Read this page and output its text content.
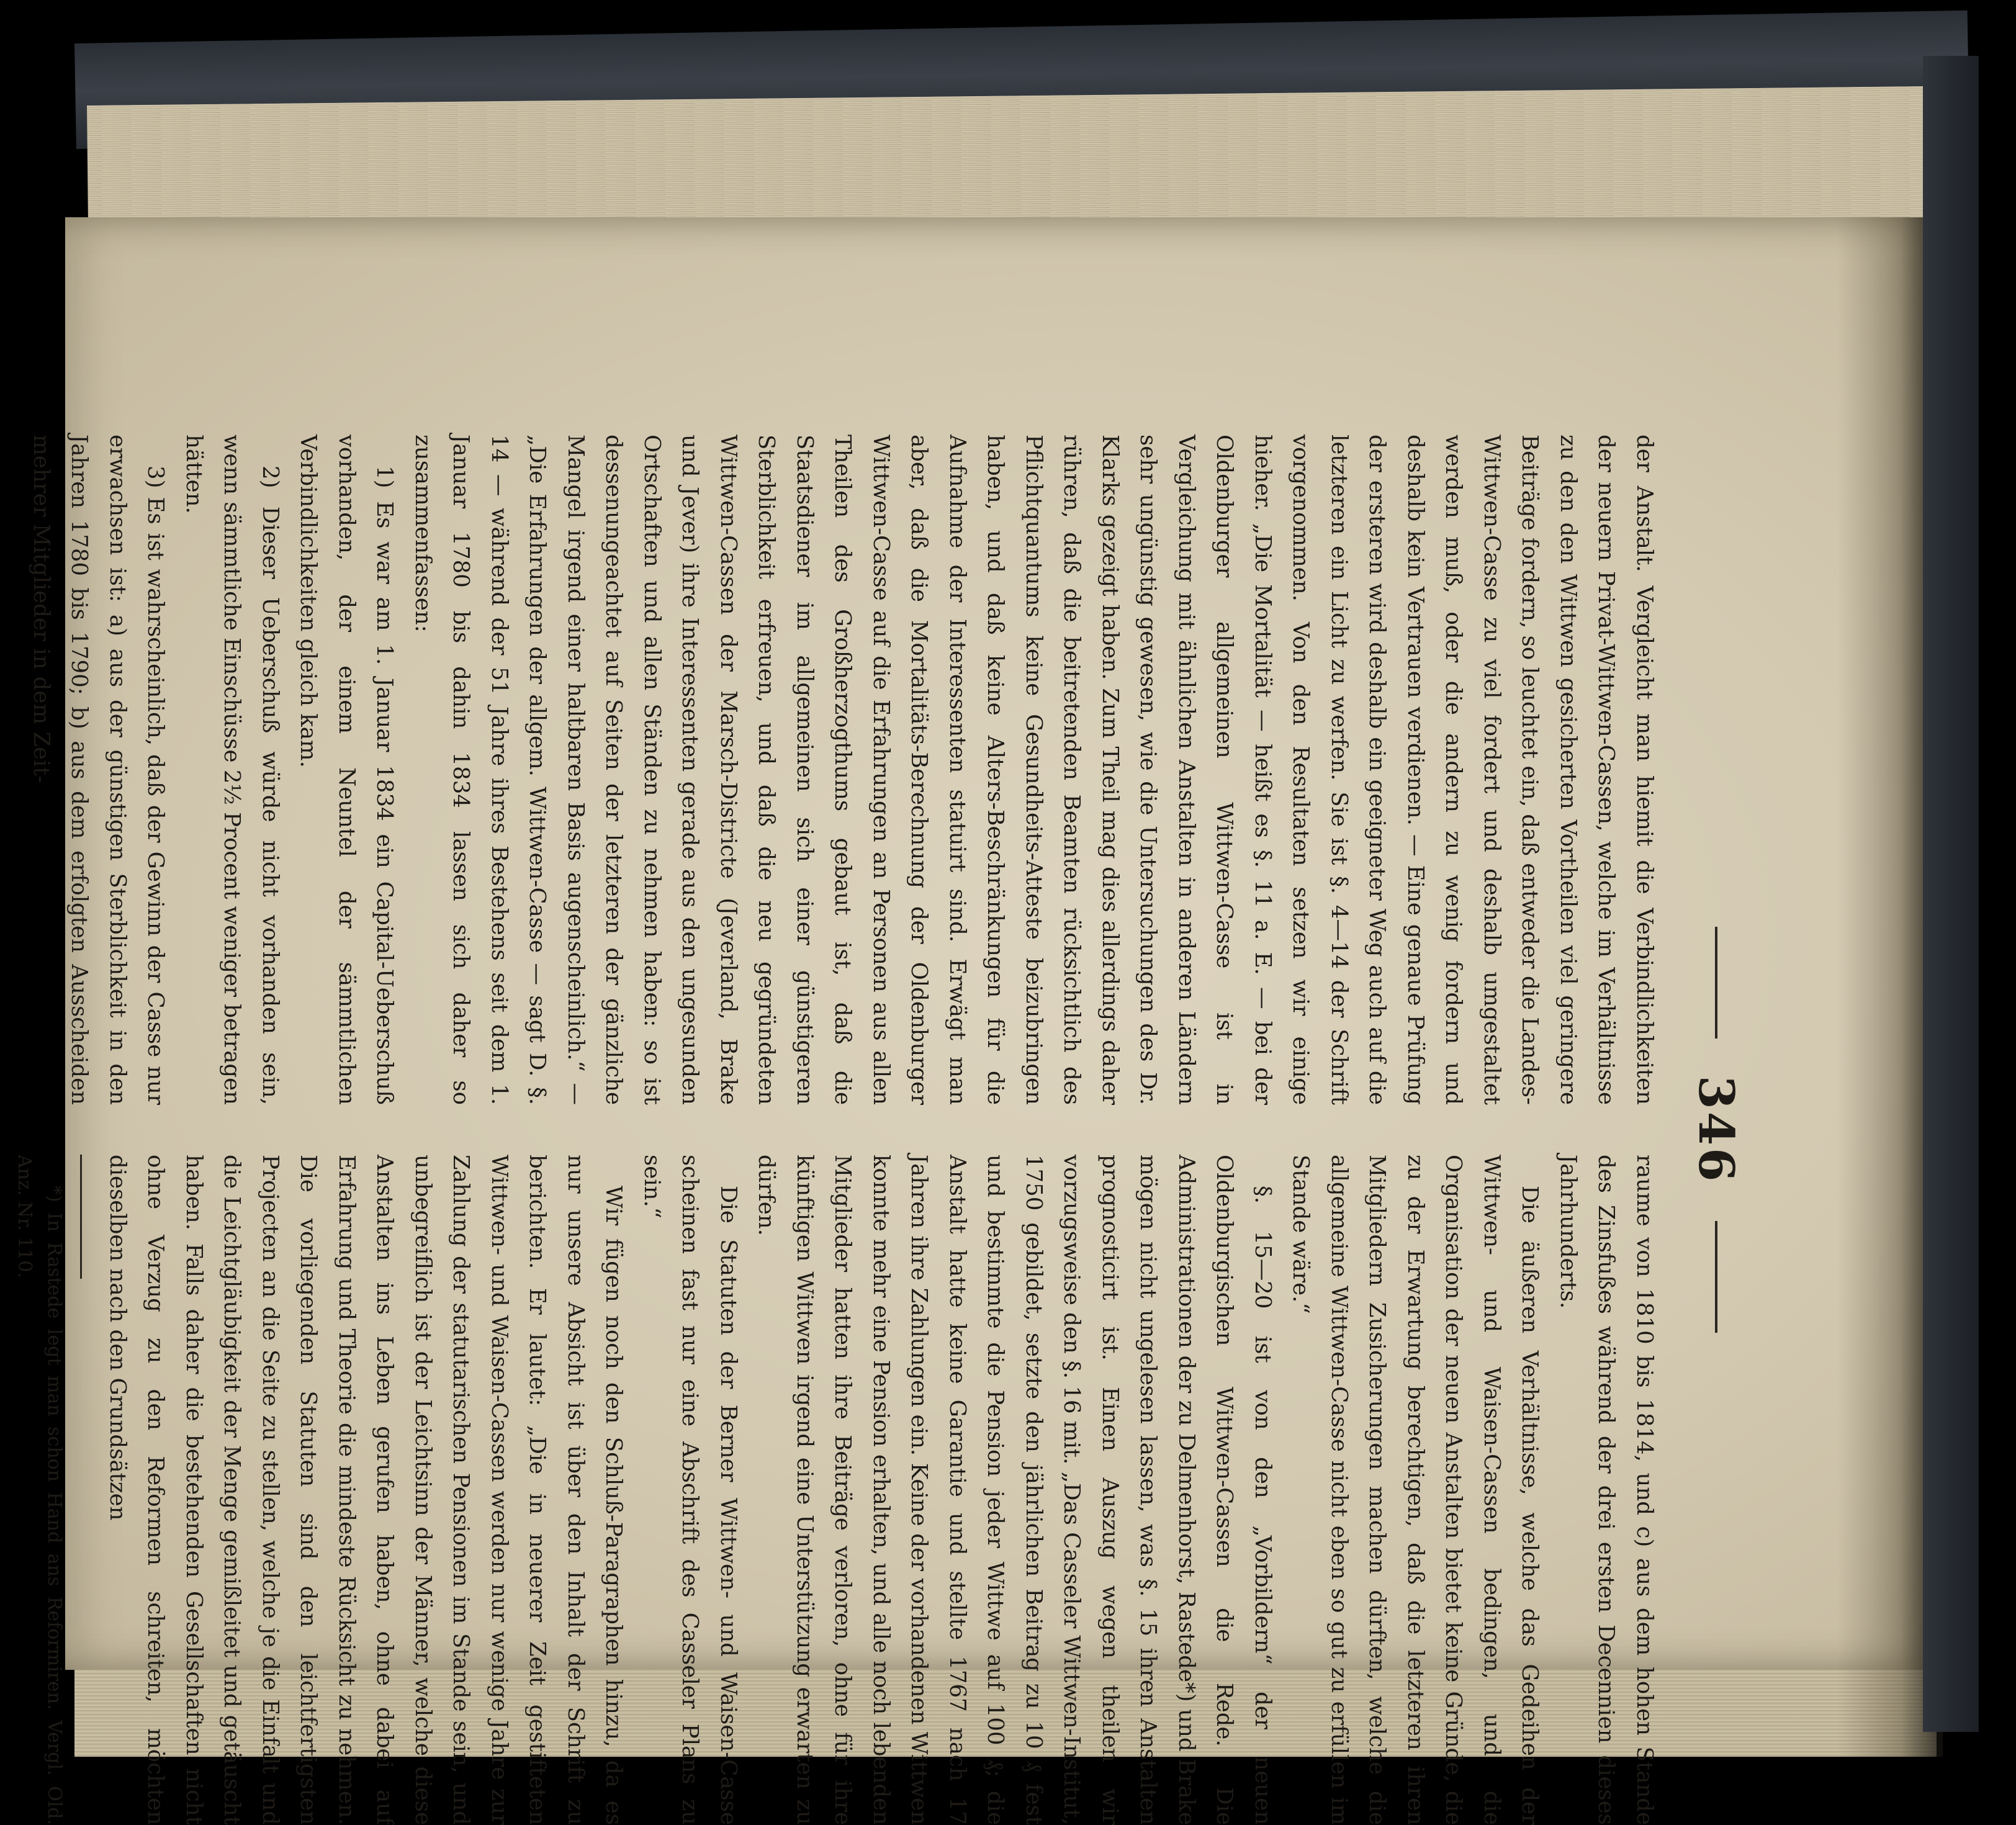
346

der Anstalt. Vergleicht man hiemit die Verbindlichkeiten der neuern Privat-Wittwen-Cassen, welche im Verhältnisse zu den den Wittwen gesicherten Vortheilen viel geringere Beiträge fordern, so leuchtet ein, daß entweder die Landes-Wittwen-Casse zu viel fordert und deshalb umgestaltet werden muß, oder die andern zu wenig fordern und deshalb kein Vertrauen verdienen. — Eine genaue Prüfung der ersteren wird deshalb ein geeigneter Weg auch auf die letzteren ein Licht zu werfen. Sie ist §. 4—14 der Schrift vorgenommen. Von den Resultaten setzen wir einige hieher. „Die Mortalität — heißt es §. 11 a. E. — bei der Oldenburger allgemeinen Wittwen-Casse ist in Vergleichung mit ähnlichen Anstalten in anderen Ländern sehr ungünstig gewesen, wie die Untersuchungen des Dr. Klarks gezeigt haben. Zum Theil mag dies allerdings daher rühren, daß die beitretenden Beamten rücksichtlich des Pflichtquantums keine Gesundheits-Atteste beizubringen haben, und daß keine Alters-Beschränkungen für die Aufnahme der Interessenten statuirt sind. Erwägt man aber, daß die Mortalitäts-Berechnung der Oldenburger Wittwen-Casse auf die Erfahrungen an Personen aus allen Theilen des Großherzogthums gebaut ist, daß die Staatsdiener im allgemeinen sich einer günstigeren Sterblichkeit erfreuen, und daß die neu gegründeten Wittwen-Cassen der Marsch-Districte (Jeverland, Brake und Jever) ihre Interessenten gerade aus den ungesunden Ortschaften und allen Ständen zu nehmen haben: so ist dessenungeachtet auf Seiten der letzteren der gänzliche Mangel irgend einer haltbaren Basis augenscheinlich.“ — „Die Erfahrungen der allgem. Wittwen-Casse — sagt D. §. 14 — während der 51 Jahre ihres Bestehens seit dem 1. Januar 1780 bis dahin 1834 lassen sich daher so zusammenfassen:

1) Es war am 1. Januar 1834 ein Capital-Ueberschuß vorhanden, der einem Neuntel der sämmtlichen Verbindlichkeiten gleich kam.

2) Dieser Ueberschuß würde nicht vorhanden sein, wenn sämmtliche Einschüsse 2½ Procent weniger betragen hätten.

3) Es ist wahrscheinlich, daß der Gewinn der Casse nur erwachsen ist: a) aus der günstigen Sterblichkeit in den Jahren 1780 bis 1790; b) aus dem erfolgten Ausscheiden mehrer Mitglieder in dem Zeit-

raume von 1810 bis 1814, und c) aus dem hohen Stande des Zinsfußes während der drei ersten Decennien dieses Jahrhunderts.

Die äußeren Verhältnisse, welche das Gedeihen der Wittwen- und Waisen-Cassen bedingen, und die Organisation der neuen Anstalten bietet keine Gründe, die zu der Erwartung berechtigen, daß die letzteren ihren Mitgliedern Zusicherungen machen dürften, welche die allgemeine Wittwen-Casse nicht eben so gut zu erfüllen im Stande wäre.“

§. 15—20 ist von den „Vorbildern“ der neuen Oldenburgischen Wittwen-Cassen die Rede. Die Administrationen der zu Delmenhorst, Rastede*) und Brake mögen nicht ungelesen lassen, was §. 15 ihren Anstalten prognosticirt ist. Einen Auszug wegen theilen wir vorzugsweise den §. 16 mit. „Das Casseler Wittwen-Institut, 1750 gebildet, setzte den jährlichen Beitrag zu 10 ₰ fest und bestimmte die Pension jeder Wittwe auf 100 ₰; die Anstalt hatte keine Garantie und stellte 1767 nach 17 Jahren ihre Zahlungen ein. Keine der vorhandenen Wittwen konnte mehr eine Pension erhalten, und alle noch lebenden Mitglieder hatten ihre Beiträge verloren, ohne für ihre künftigen Wittwen irgend eine Unterstützung erwarten zu dürfen.

Die Statuten der Berner Wittwen- und Waisen-Casse scheinen fast nur eine Abschrift des Casseler Plans zu sein.“

Wir fügen noch den Schluß-Paragraphen hinzu, da es nur unsere Absicht ist über den Inhalt der Schrift zu berichten. Er lautet: „Die in neuerer Zeit gestifteten Wittwen- und Waisen-Cassen werden nur wenige Jahre zur Zahlung der statutarischen Pensionen im Stande sein, und unbegreiflich ist der Leichtsinn der Männer, welche diese Anstalten ins Leben gerufen haben, ohne dabei auf Erfahrung und Theorie die mindeste Rücksicht zu nehmen. Die vorliegenden Statuten sind den leichtfertigsten Projecten an die Seite zu stellen, welche je die Einfalt und die Leichtgläubigkeit der Menge gemißleitet und getäuscht haben. Falls daher die bestehenden Gesellschaften nicht ohne Verzug zu den Reformen schreiten, möchten dieselben nach den Grundsätzen

*) In Rastede legt man schon Hand ans Reformiren. Vergl. Old. Anz. Nr. 110.
